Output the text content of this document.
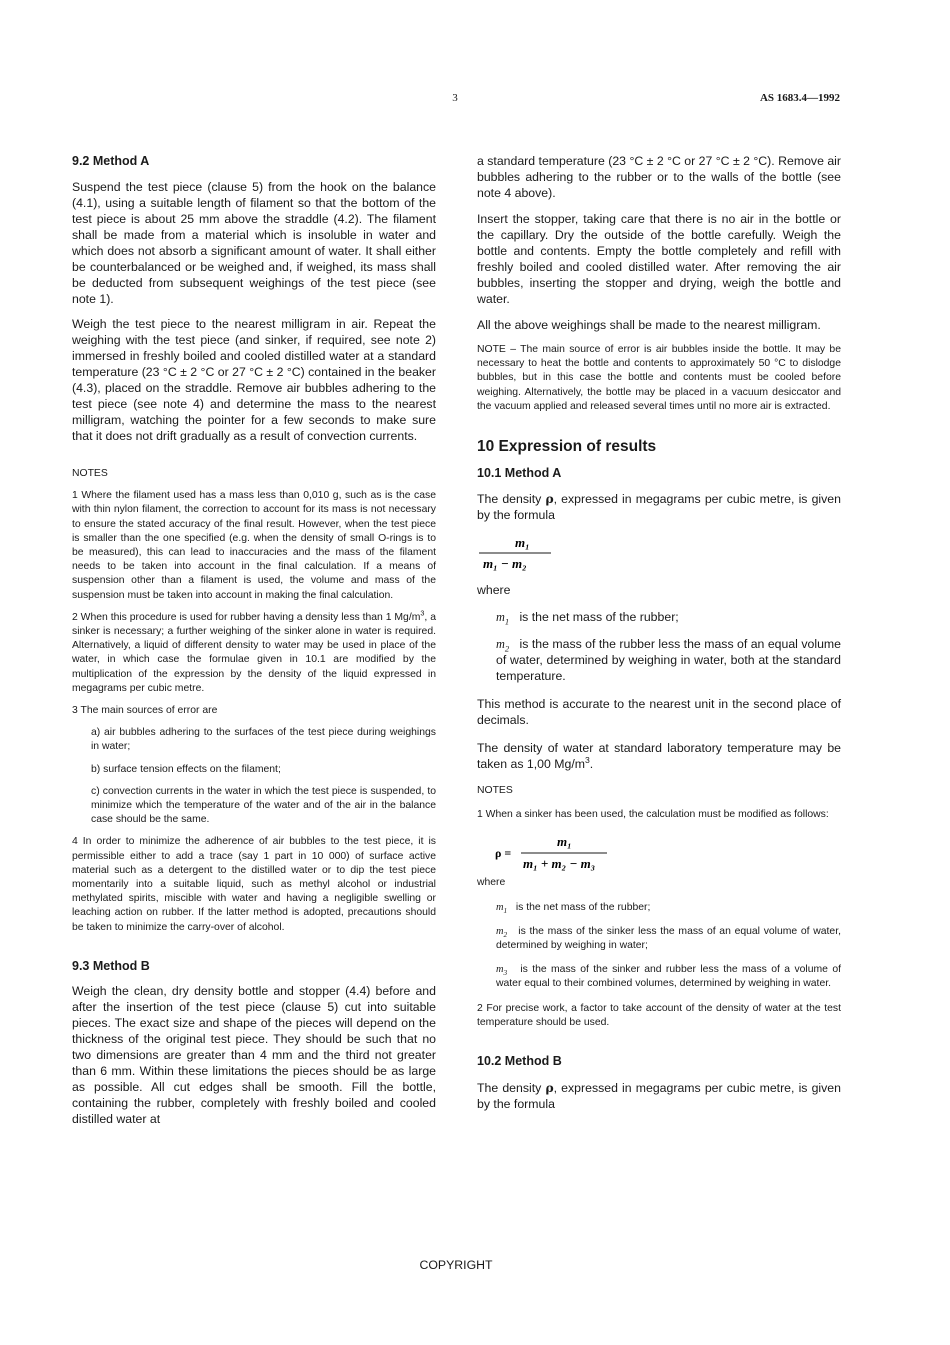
3	AS 1683.4—1992
9.2 Method A

Suspend the test piece (clause 5) from the hook on the balance (4.1), using a suitable length of filament so that the bottom of the test piece is about 25 mm above the straddle (4.2). The filament shall be made from a material which is insoluble in water and which does not absorb a significant amount of water. It shall either be counterbalanced or be weighed and, if weighed, its mass shall be deducted from subsequent weighings of the test piece (see note 1).

Weigh the test piece to the nearest milligram in air. Repeat the weighing with the test piece (and sinker, if required, see note 2) immersed in freshly boiled and cooled distilled water at a standard temperature (23 °C ± 2 °C or 27 °C ± 2 °C) contained in the beaker (4.3), placed on the straddle. Remove air bubbles adhering to the test piece (see note 4) and determine the mass to the nearest milligram, watching the pointer for a few seconds to make sure that it does not drift gradually as a result of convection currents.

NOTES

1 Where the filament used has a mass less than 0,010 g, such as is the case with thin nylon filament, the correction to account for its mass is not necessary to ensure the stated accuracy of the final result. However, when the test piece is smaller than the one specified (e.g. when the density of small O-rings is to be measured), this can lead to inaccuracies and the mass of the filament needs to be taken into account in the final calculation. If a means of suspension other than a filament is used, the volume and mass of the suspension must be taken into account in making the final calculation.

2 When this procedure is used for rubber having a density less than 1 $Mg/m^3$, a sinker is necessary; a further weighing of the sinker alone in water is required. Alternatively, a liquid of different density to water may be used in place of the water, in which case the formulae given in 10.1 are modified by the multiplication of the expression by the density of the liquid expressed in megagrams per cubic metre.

3 The main sources of error are

a) air bubbles adhering to the surfaces of the test piece during weighings in water;

b) surface tension effects on the filament;

c) convection currents in the water in which the test piece is suspended, to minimize which the temperature of the water and of the air in the balance case should be the same.

4 In order to minimize the adherence of air bubbles to the test piece, it is permissible either to add a trace (say 1 part in 10 000) of surface active material such as a detergent to the distilled water or to dip the test piece momentarily into a suitable liquid, such as methyl alcohol or industrial methylated spirits, miscible with water and having a negligible swelling or leaching action on rubber. If the latter method is adopted, precautions should be taken to minimize the carry-over of alcohol.

9.3 Method B

Weigh the clean, dry density bottle and stopper (4.4) before and after the insertion of the test piece (clause 5) cut into suitable pieces. The exact size and shape of the pieces will depend on the thickness of the original test piece. They should be such that no two dimensions are greater than 4 mm and the third not greater than 6 mm. Within these limitations the pieces should be as large as possible. All cut edges shall be smooth. Fill the bottle, containing the rubber, completely with freshly boiled and cooled distilled water at

a standard temperature (23 °C ± 2 °C or 27 °C ± 2 °C). Remove air bubbles adhering to the rubber or to the walls of the bottle (see note 4 above).

Insert the stopper, taking care that there is no air in the bottle or the capillary. Dry the outside of the bottle carefully. Weigh the bottle and contents. Empty the bottle completely and refill with freshly boiled and cooled distilled water. After removing the air bubbles, inserting the stopper and drying, weigh the bottle and water.

All the above weighings shall be made to the nearest milligram.

NOTE – The main source of error is air bubbles inside the bottle. It may be necessary to heat the bottle and contents to approximately 50 °C to dislodge bubbles, but in this case the bottle and contents must be cooled before weighing. Alternatively, the bottle may be placed in a vacuum desiccator and the vacuum applied and released several times until no more air is extracted.

10 Expression of results
10.1 Method A

The density ρ, expressed in megagrams per cubic metre, is given by the formula

m₁
m₁ − m₂
where
$m_1$ is the net mass of the rubber;
$m_2$ is the mass of the rubber less the mass of an equal volume of water, determined by weighing in water, both at the standard temperature.

This method is accurate to the nearest unit in the second place of decimals.

The density of water at standard laboratory temperature may be taken as 1,00 $Mg/m^3$.

NOTES

1 When a sinker has been used, the calculation must be modified as follows:

ρ =
m₁
m₁ + m₂ − m₃
where
$m_1$ is the net mass of the rubber;
$m_2$ is the mass of the sinker less the mass of an equal volume of water, determined by weighing in water;
$m_3$ is the mass of the sinker and rubber less the mass of a volume of water equal to their combined volumes, determined by weighing in water.

2 For precise work, a factor to take account of the density of water at the test temperature should be used.

10.2 Method B

The density ρ, expressed in megagrams per cubic metre, is given by the formula

COPYRIGHT
